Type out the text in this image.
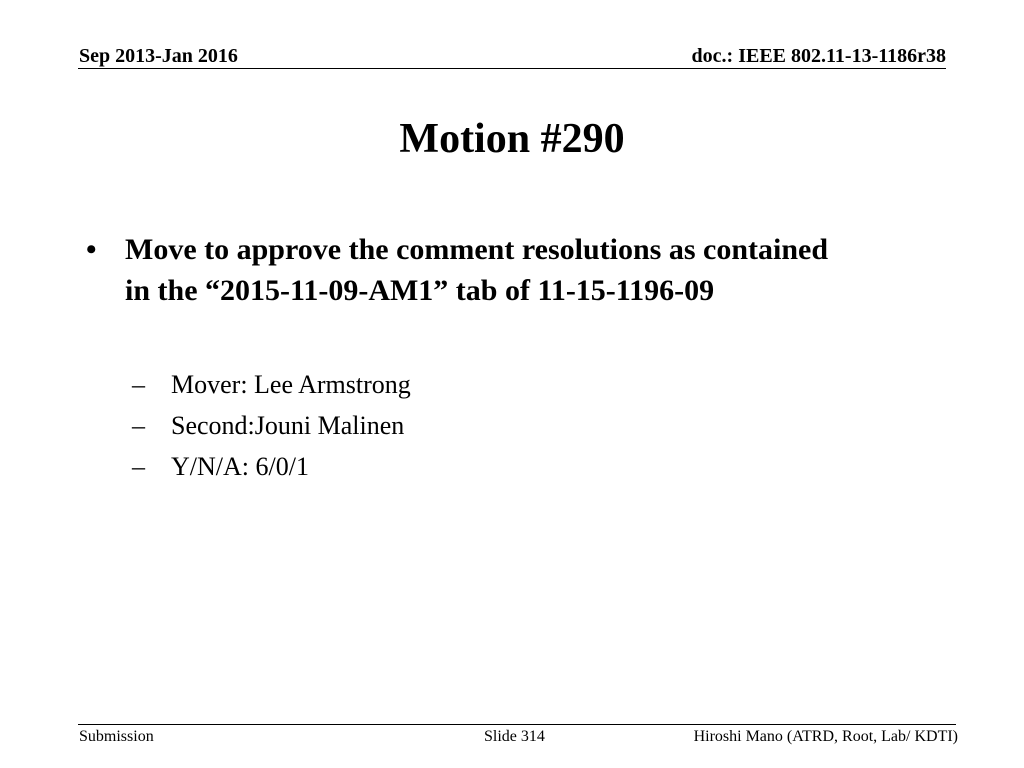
Sep 2013-Jan 2016	doc.: IEEE 802.11-13-1186r38
Motion #290
• Move to approve the comment resolutions as contained
in the “2015-11-09-AM1” tab of 11-15-1196-09
– Mover: Lee Armstrong
– Second:Jouni Malinen
– Y/N/A: 6/0/1
Submission	Slide 314	Hiroshi Mano (ATRD, Root, Lab/ KDTI)
